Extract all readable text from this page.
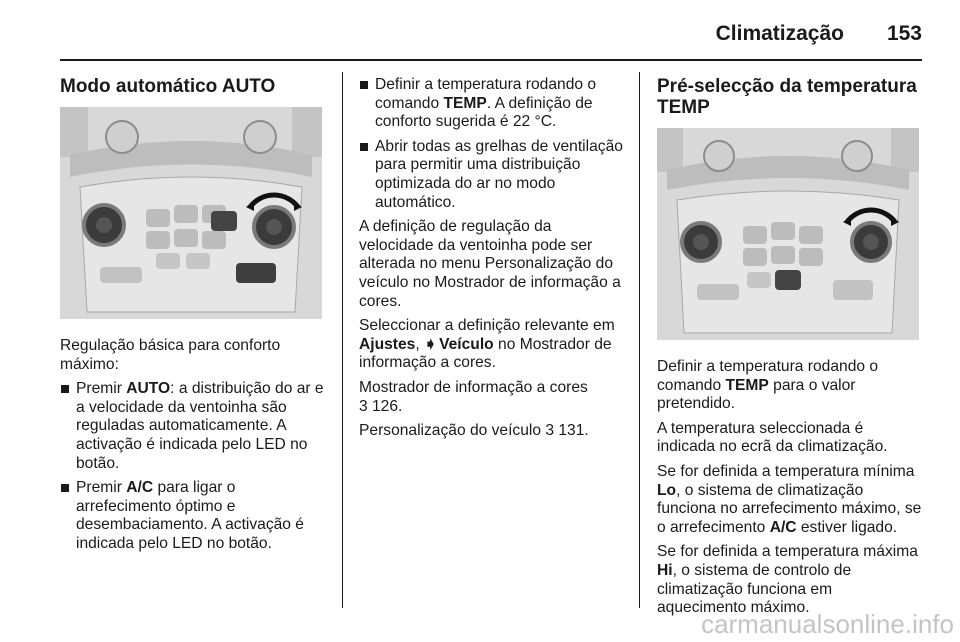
Climatização 153
Modo automático AUTO

Regulação básica para conforto máximo:

Premir AUTO: a distribuição do ar e a velocidade da ventoinha são reguladas automaticamente. A activação é indicada pelo LED no botão.
Premir A/C para ligar o arrefecimento óptimo e desembaciamento. A activação é indicada pelo LED no botão.
Definir a temperatura rodando o comando TEMP. A definição de conforto sugerida é 22 °C.
Abrir todas as grelhas de ventilação para permitir uma distribuição optimizada do ar no modo automático.

A definição de regulação da velocidade da ventoinha pode ser alterada no menu Personalização do veículo no Mostrador de informação a cores.

Seleccionar a definição relevante em Ajustes, ➧ Veículo no Mostrador de informação a cores.

Mostrador de informação a cores
3 126.

Personalização do veículo 3 131.

Pré-selecção da temperatura TEMP

Definir a temperatura rodando o comando TEMP para o valor pretendido.

A temperatura seleccionada é indicada no ecrã da climatização.

Se for definida a temperatura mínima Lo, o sistema de climatização funciona no arrefecimento máximo, se o arrefecimento A/C estiver ligado.

Se for definida a temperatura máxima Hi, o sistema de controlo de climatização funciona em aquecimento máximo.

carmanualsonline.info
